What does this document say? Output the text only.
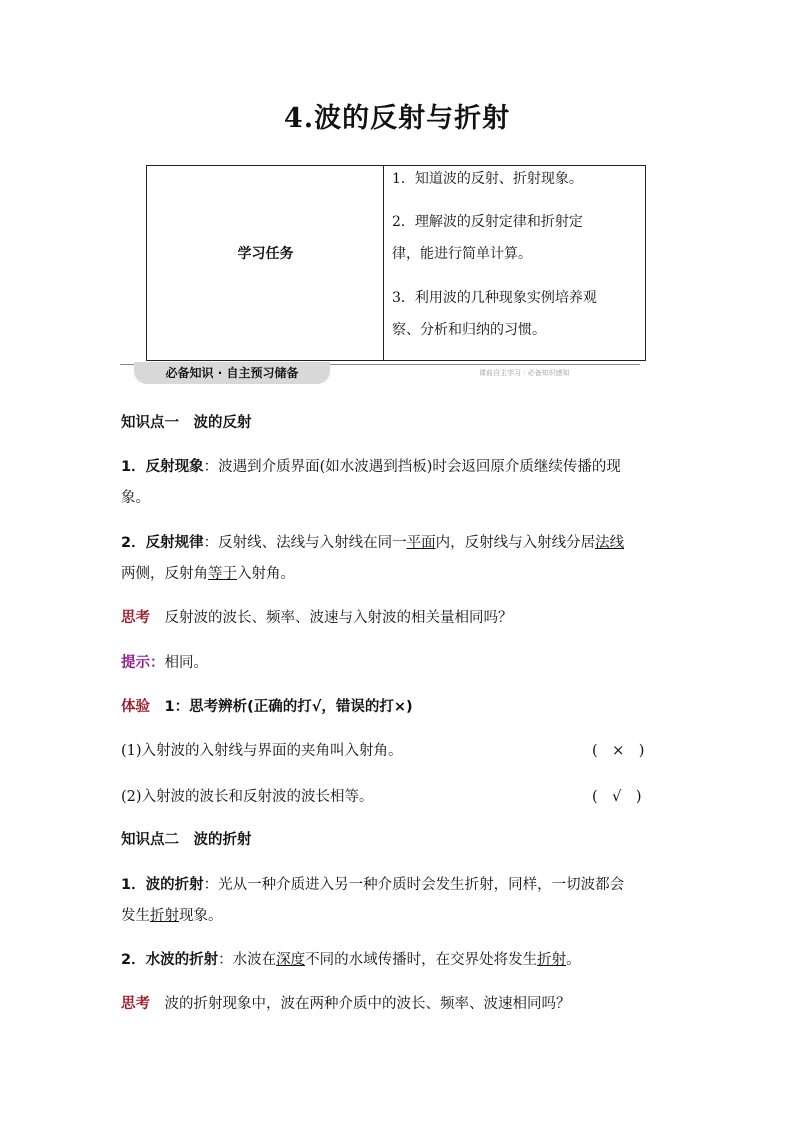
4.波的反射与折射
学习任务
1．知道波的反射、折射现象。
2．理解波的反射定律和折射定
律，能进行简单计算。
3．利用波的几种现象实例培养观
察、分析和归纳的习惯。
必备知识 · 自主预习储备	课前自主学习 · 必备知识感知
知识点一　波的反射
1．反射现象：波遇到介质界面(如水波遇到挡板)时会返回原介质继续传播的现
象。
2．反射规律：反射线、法线与入射线在同一平面内，反射线与入射线分居法线
两侧，反射角等于入射角。
思考　反射波的波长、频率、波速与入射波的相关量相同吗？
提示：相同。
体验　1：思考辨析(正确的打√，错误的打×)
(1)入射波的入射线与界面的夹角叫入射角。	(　×　)
(2)入射波的波长和反射波的波长相等。	(　√　)
知识点二　波的折射
1．波的折射：光从一种介质进入另一种介质时会发生折射，同样，一切波都会
发生折射现象。
2．水波的折射：水波在深度不同的水域传播时，在交界处将发生折射。
思考　波的折射现象中，波在两种介质中的波长、频率、波速相同吗？
